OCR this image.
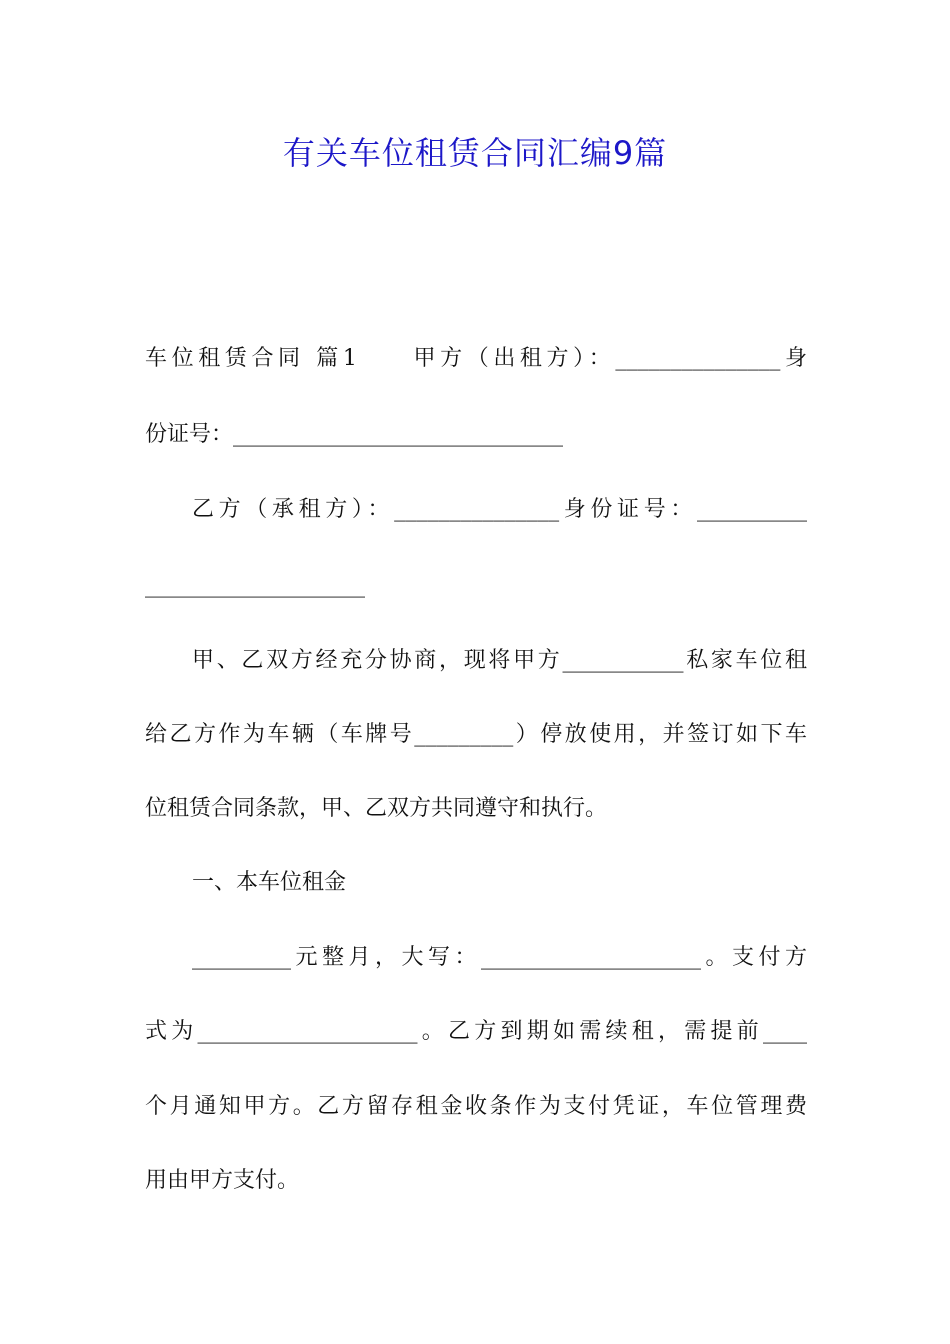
有关车位租赁合同汇编9篇
车位租赁合同 篇1 甲方（出租方）：_______________身
份证号：______________________________
乙方（承租方）：_______________身份证号：__________
____________________
甲、乙双方经充分协商，现将甲方___________私家车位租
给乙方作为车辆（车牌号_________）停放使用，并签订如下车
位租赁合同条款，甲、乙双方共同遵守和执行。
一、本车位租金
_________元整月，大写：____________________。支付方
式为____________________。乙方到期如需续租，需提前____
个月通知甲方。乙方留存租金收条作为支付凭证，车位管理费
用由甲方支付。
